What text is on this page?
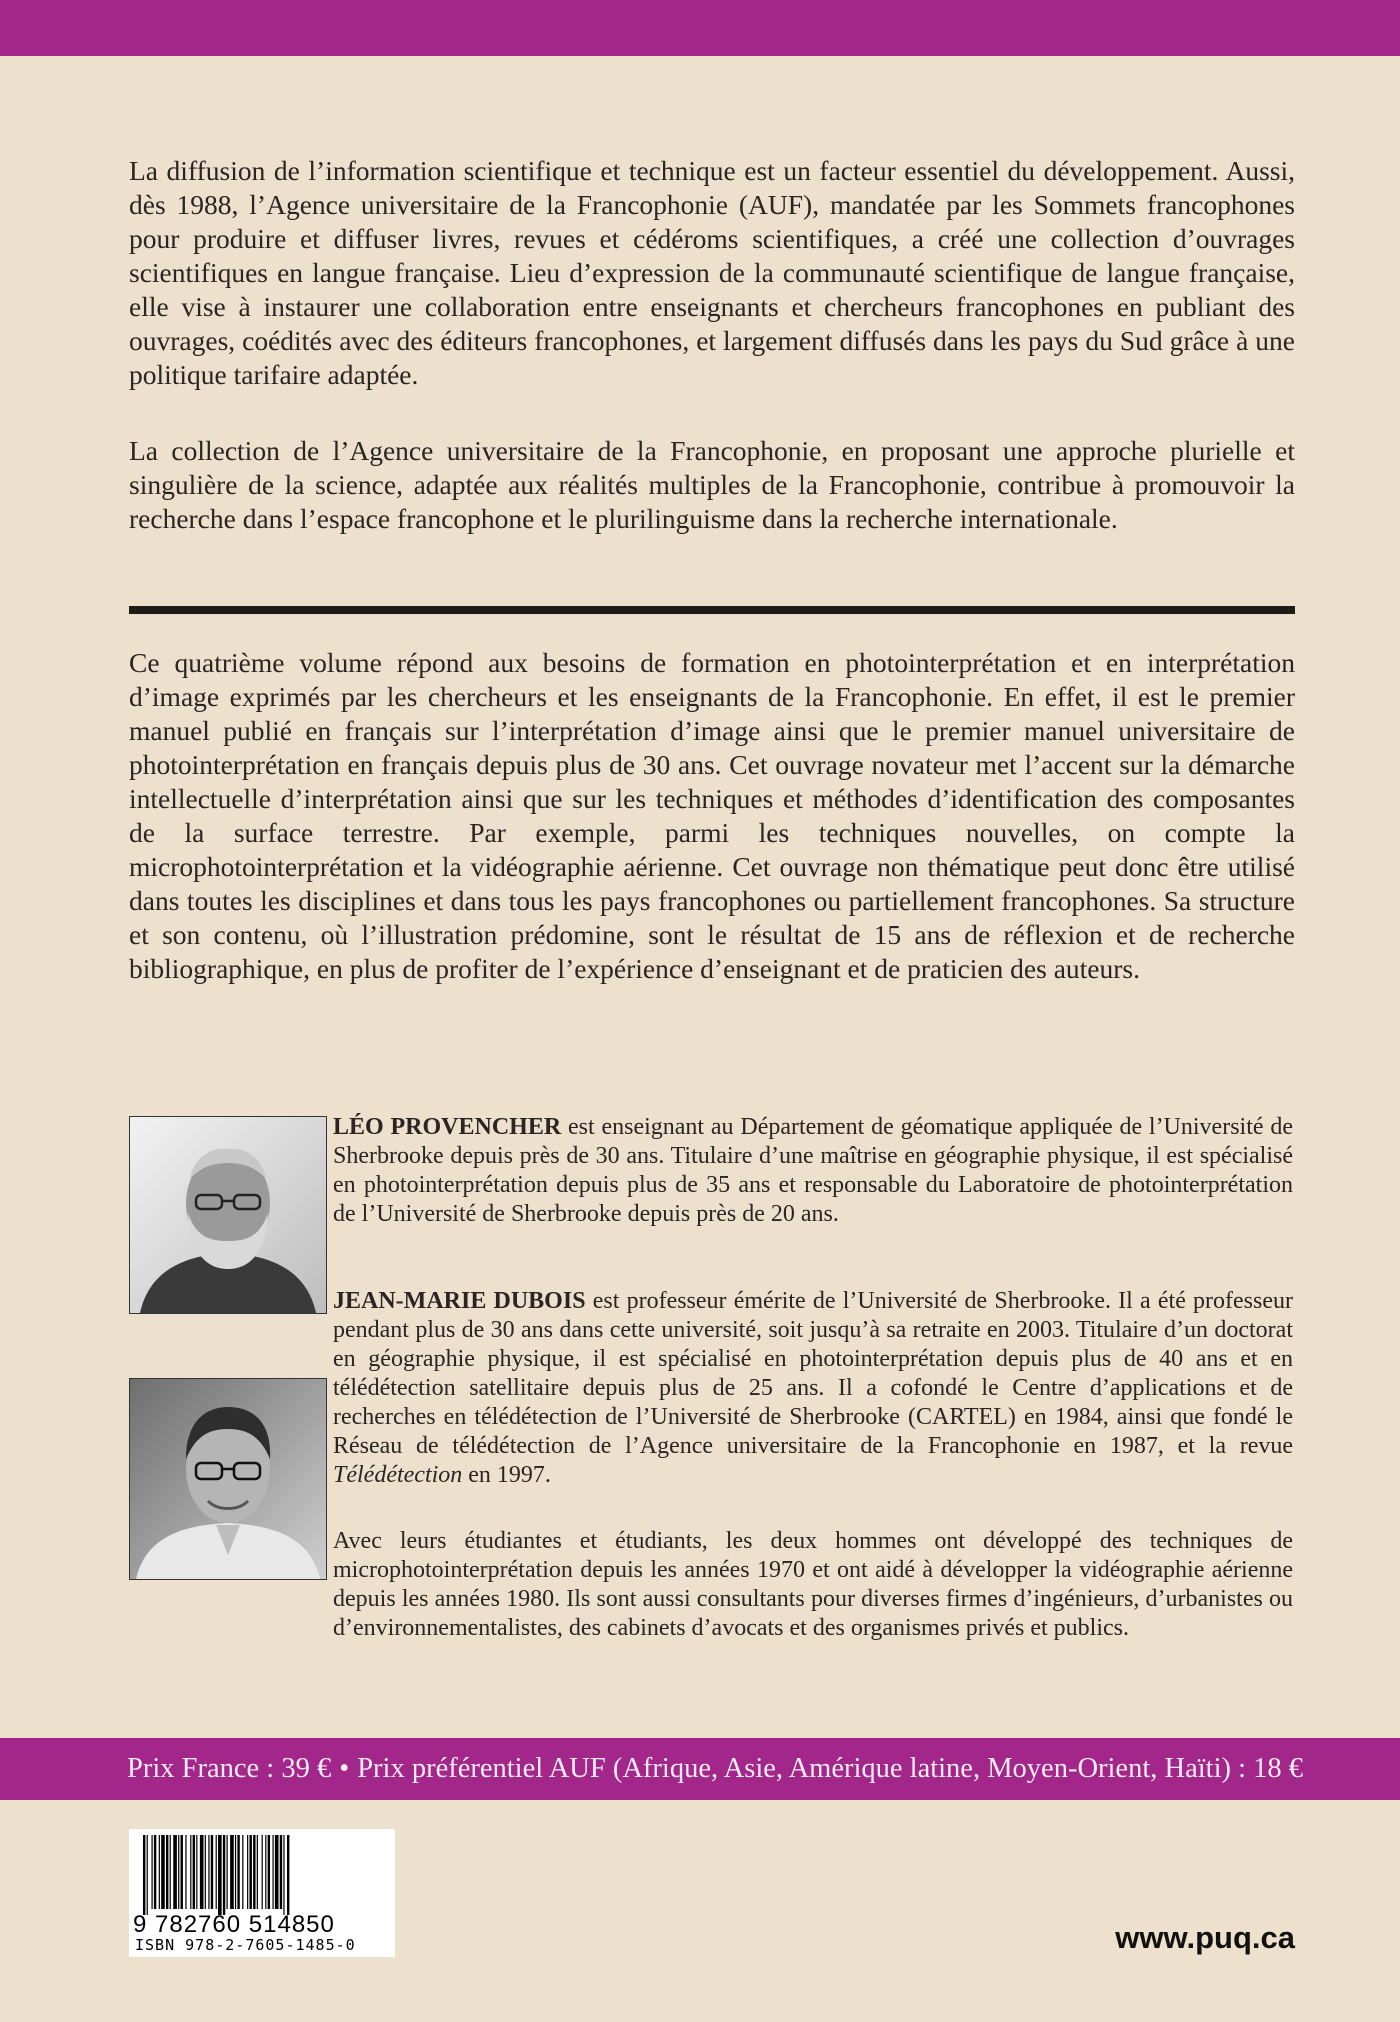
La diffusion de l’information scientifique et technique est un facteur essentiel du développement. Aussi, dès 1988, l’Agence universitaire de la Francophonie (AUF), mandatée par les Sommets francophones pour produire et diffuser livres, revues et cédéroms scientifiques, a créé une collection d’ouvrages scientifiques en langue française. Lieu d’expression de la communauté scientifique de langue française, elle vise à instaurer une collaboration entre enseignants et chercheurs francophones en publiant des ouvrages, coédités avec des éditeurs francophones, et largement diffusés dans les pays du Sud grâce à une politique tarifaire adaptée.

La collection de l’Agence universitaire de la Francophonie, en proposant une approche plurielle et singulière de la science, adaptée aux réalités multiples de la Francophonie, contribue à promouvoir la recherche dans l’espace francophone et le plurilinguisme dans la recherche internationale.

Ce quatrième volume répond aux besoins de formation en photointerprétation et en interprétation d’image exprimés par les chercheurs et les enseignants de la Francophonie. En effet, il est le premier manuel publié en français sur l’interprétation d’image ainsi que le premier manuel universitaire de photointerprétation en français depuis plus de 30 ans. Cet ouvrage novateur met l’accent sur la démarche intellectuelle d’interprétation ainsi que sur les techniques et méthodes d’identification des composantes de la surface terrestre. Par exemple, parmi les techniques nouvelles, on compte la microphotointerprétation et la vidéographie aérienne. Cet ouvrage non thématique peut donc être utilisé dans toutes les disciplines et dans tous les pays francophones ou partiellement francophones. Sa structure et son contenu, où l’illustration prédomine, sont le résultat de 15 ans de réflexion et de recherche bibliographique, en plus de profiter de l’expérience d’enseignant et de praticien des auteurs.

LÉO PROVENCHER est enseignant au Département de géomatique appliquée de l’Université de Sherbrooke depuis près de 30 ans. Titulaire d’une maîtrise en géographie physique, il est spécialisé en photointerprétation depuis plus de 35 ans et responsable du Laboratoire de photointerprétation de l’Université de Sherbrooke depuis près de 20 ans.

JEAN-MARIE DUBOIS est professeur émérite de l’Université de Sherbrooke. Il a été professeur pendant plus de 30 ans dans cette université, soit jusqu’à sa retraite en 2003. Titulaire d’un doctorat en géographie physique, il est spécialisé en photointerprétation depuis plus de 40 ans et en télédétection satellitaire depuis plus de 25 ans. Il a cofondé le Centre d’applications et de recherches en télédétection de l’Université de Sherbrooke (CARTEL) en 1984, ainsi que fondé le Réseau de télédétection de l’Agence universitaire de la Francophonie en 1987, et la revue Télédétection en 1997.

Avec leurs étudiantes et étudiants, les deux hommes ont développé des techniques de microphotointerprétation depuis les années 1970 et ont aidé à développer la vidéographie aérienne depuis les années 1980. Ils sont aussi consultants pour diverses firmes d’ingénieurs, d’urbanistes ou d’environnementalistes, des cabinets d’avocats et des organismes privés et publics.

Prix France : 39 € • Prix préférentiel AUF (Afrique, Asie, Amérique latine, Moyen-Orient, Haïti) : 18 €
9 782760 514850
ISBN 978-2-7605-1485-0	www.puq.ca
